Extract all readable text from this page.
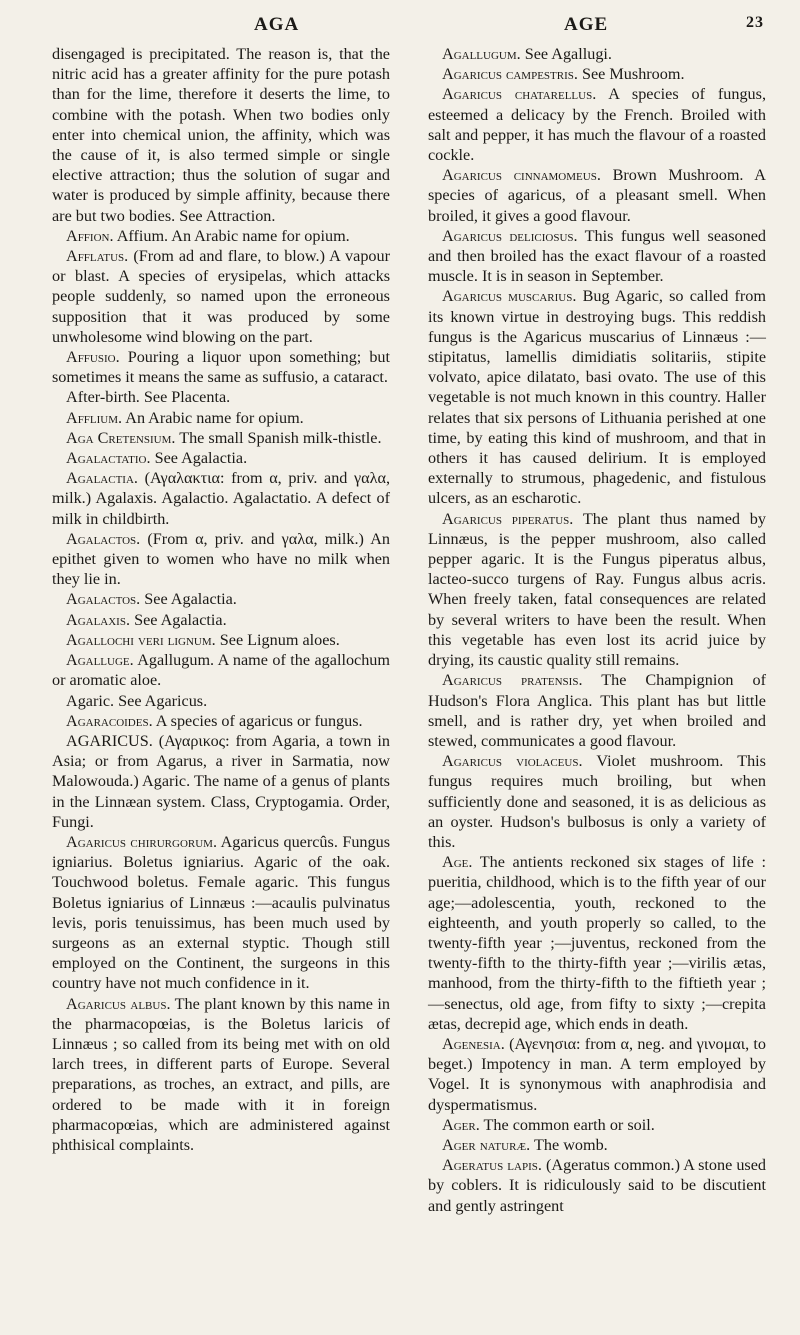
AGA	AGE	23

disengaged is precipitated. The reason is, that the nitric acid has a greater affinity for the pure potash than for the lime, therefore it deserts the lime, to combine with the potash. When two bodies only enter into chemical union, the affinity, which was the cause of it, is also termed simple or single elective attraction; thus the solution of sugar and water is produced by simple affinity, because there are but two bodies. See Attraction.

Affion. Affium. An Arabic name for opium.

Afflatus. (From ad and flare, to blow.) A vapour or blast. A species of erysipelas, which attacks people suddenly, so named upon the erroneous supposition that it was produced by some unwholesome wind blowing on the part.

Affusio. Pouring a liquor upon something; but sometimes it means the same as suffusio, a cataract.

After-birth. See Placenta.

Afflium. An Arabic name for opium.

Aga Cretensium. The small Spanish milk-thistle.

Agalactatio. See Agalactia.

Agalactia. (Αγαλακτια: from α, priv. and γαλα, milk.) Agalaxis. Agalactio. Agalactatio. A defect of milk in childbirth.

Agalactos. (From α, priv. and γαλα, milk.) An epithet given to women who have no milk when they lie in.

Agalactos. See Agalactia.

Agalaxis. See Agalactia.

Agallochi veri lignum. See Lignum aloes.

Agalluge. Agallugum. A name of the agallochum or aromatic aloe.

Agaric. See Agaricus.

Agaracoides. A species of agaricus or fungus.

AGARICUS. (Αγαρικος: from Agaria, a town in Asia; or from Agarus, a river in Sarmatia, now Malowouda.) Agaric. The name of a genus of plants in the Linnæan system. Class, Cryptogamia. Order, Fungi.

Agaricus chirurgorum. Agaricus quercûs. Fungus igniarius. Boletus igniarius. Agaric of the oak. Touchwood boletus. Female agaric. This fungus Boletus igniarius of Linnæus :—acaulis pulvinatus levis, poris tenuissimus, has been much used by surgeons as an external styptic. Though still employed on the Continent, the surgeons in this country have not much confidence in it.

Agaricus albus. The plant known by this name in the pharmacopœias, is the Boletus laricis of Linnæus ; so called from its being met with on old larch trees, in different parts of Europe. Several preparations, as troches, an extract, and pills, are ordered to be made with it in foreign pharmacopœias, which are administered against phthisical complaints.

Agallugum. See Agallugi.

Agaricus campestris. See Mushroom.

Agaricus chatarellus. A species of fungus, esteemed a delicacy by the French. Broiled with salt and pepper, it has much the flavour of a roasted cockle.

Agaricus cinnamomeus. Brown Mushroom. A species of agaricus, of a pleasant smell. When broiled, it gives a good flavour.

Agaricus deliciosus. This fungus well seasoned and then broiled has the exact flavour of a roasted muscle. It is in season in September.

Agaricus muscarius. Bug Agaric, so called from its known virtue in destroying bugs. This reddish fungus is the Agaricus muscarius of Linnæus :—stipitatus, lamellis dimidiatis solitariis, stipite volvato, apice dilatato, basi ovato. The use of this vegetable is not much known in this country. Haller relates that six persons of Lithuania perished at one time, by eating this kind of mushroom, and that in others it has caused delirium. It is employed externally to strumous, phagedenic, and fistulous ulcers, as an escharotic.

Agaricus piperatus. The plant thus named by Linnæus, is the pepper mushroom, also called pepper agaric. It is the Fungus piperatus albus, lacteo-succo turgens of Ray. Fungus albus acris. When freely taken, fatal consequences are related by several writers to have been the result. When this vegetable has even lost its acrid juice by drying, its caustic quality still remains.

Agaricus pratensis. The Champignion of Hudson's Flora Anglica. This plant has but little smell, and is rather dry, yet when broiled and stewed, communicates a good flavour.

Agaricus violaceus. Violet mushroom. This fungus requires much broiling, but when sufficiently done and seasoned, it is as delicious as an oyster. Hudson's bulbosus is only a variety of this.

Age. The antients reckoned six stages of life : pueritia, childhood, which is to the fifth year of our age;—adolescentia, youth, reckoned to the eighteenth, and youth properly so called, to the twenty-fifth year ;—juventus, reckoned from the twenty-fifth to the thirty-fifth year ;—virilis ætas, manhood, from the thirty-fifth to the fiftieth year ;—senectus, old age, from fifty to sixty ;—crepita ætas, decrepid age, which ends in death.

Agenesia. (Αγενησια: from α, neg. and γινομαι, to beget.) Impotency in man. A term employed by Vogel. It is synonymous with anaphrodisia and dyspermatismus.

Ager. The common earth or soil.

Ager naturæ. The womb.

Ageratus lapis. (Ageratus common.) A stone used by coblers. It is ridiculously said to be discutient and gently astringent
